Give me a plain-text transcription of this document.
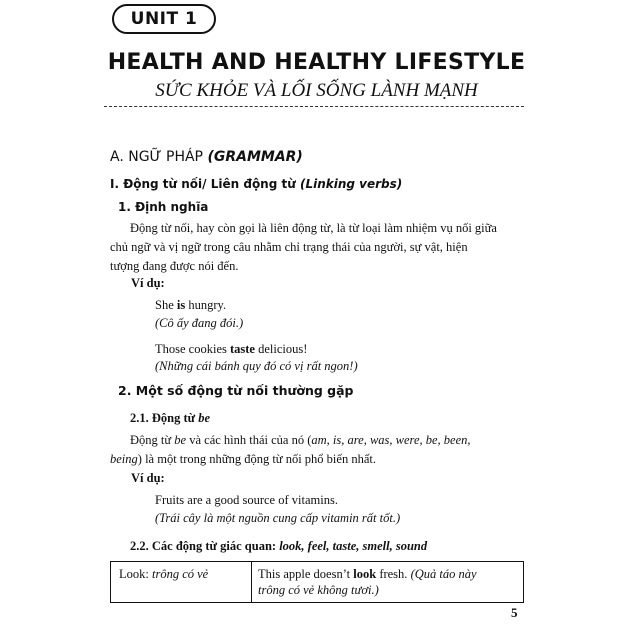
UNIT 1
HEALTH AND HEALTHY LIFESTYLE
SỨC KHỎE VÀ LỐI SỐNG LÀNH MẠNH
A. NGỮ PHÁP (GRAMMAR)
I. Động từ nối/ Liên động từ (Linking verbs)
1. Định nghĩa
Động từ nối, hay còn gọi là liên động từ, là từ loại làm nhiệm vụ nối giữa
chủ ngữ và vị ngữ trong câu nhằm chỉ trạng thái của người, sự vật, hiện
tượng đang được nói đến.
Ví dụ:
She is hungry.
(Cô ấy đang đói.)
Those cookies taste delicious!
(Những cái bánh quy đó có vị rất ngon!)
2. Một số động từ nối thường gặp
2.1. Động từ be
Động từ be và các hình thái của nó (am, is, are, was, were, be, been,
being) là một trong những động từ nối phổ biến nhất.
Ví dụ:
Fruits are a good source of vitamins.
(Trái cây là một nguồn cung cấp vitamin rất tốt.)
2.2. Các động từ giác quan: look, feel, taste, smell, sound
Look: trông có vẻ	This apple doesn’t look fresh. (Quả táo này
trông có vẻ không tươi.)
5
